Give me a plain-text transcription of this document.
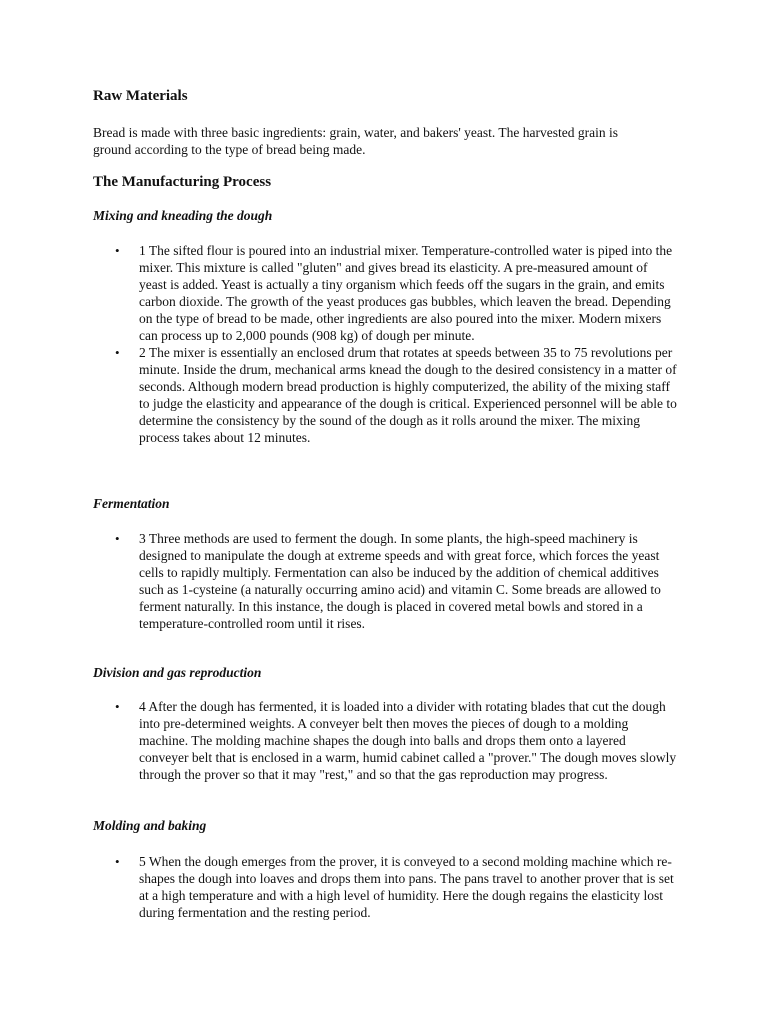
Raw Materials

Bread is made with three basic ingredients: grain, water, and bakers' yeast. The harvested grain is ground according to the type of bread being made.

The Manufacturing Process
Mixing and kneading the dough
• 1 The sifted flour is poured into an industrial mixer. Temperature-controlled water is piped into the mixer. This mixture is called "gluten" and gives bread its elasticity. A pre-measured amount of yeast is added. Yeast is actually a tiny organism which feeds off the sugars in the grain, and emits carbon dioxide. The growth of the yeast produces gas bubbles, which leaven the bread. Depending on the type of bread to be made, other ingredients are also poured into the mixer. Modern mixers can process up to 2,000 pounds (908 kg) of dough per minute.
• 2 The mixer is essentially an enclosed drum that rotates at speeds between 35 to 75 revolutions per minute. Inside the drum, mechanical arms knead the dough to the desired consistency in a matter of seconds. Although modern bread production is highly computerized, the ability of the mixing staff to judge the elasticity and appearance of the dough is critical. Experienced personnel will be able to determine the consistency by the sound of the dough as it rolls around the mixer. The mixing process takes about 12 minutes.
Fermentation
• 3 Three methods are used to ferment the dough. In some plants, the high-speed machinery is designed to manipulate the dough at extreme speeds and with great force, which forces the yeast cells to rapidly multiply. Fermentation can also be induced by the addition of chemical additives such as 1-cysteine (a naturally occurring amino acid) and vitamin C. Some breads are allowed to ferment naturally. In this instance, the dough is placed in covered metal bowls and stored in a temperature-controlled room until it rises.
Division and gas reproduction
• 4 After the dough has fermented, it is loaded into a divider with rotating blades that cut the dough into pre-determined weights. A conveyer belt then moves the pieces of dough to a molding machine. The molding machine shapes the dough into balls and drops them onto a layered conveyer belt that is enclosed in a warm, humid cabinet called a "prover." The dough moves slowly through the prover so that it may "rest," and so that the gas reproduction may progress.
Molding and baking
• 5 When the dough emerges from the prover, it is conveyed to a second molding machine which re-shapes the dough into loaves and drops them into pans. The pans travel to another prover that is set at a high temperature and with a high level of humidity. Here the dough regains the elasticity lost during fermentation and the resting period.
